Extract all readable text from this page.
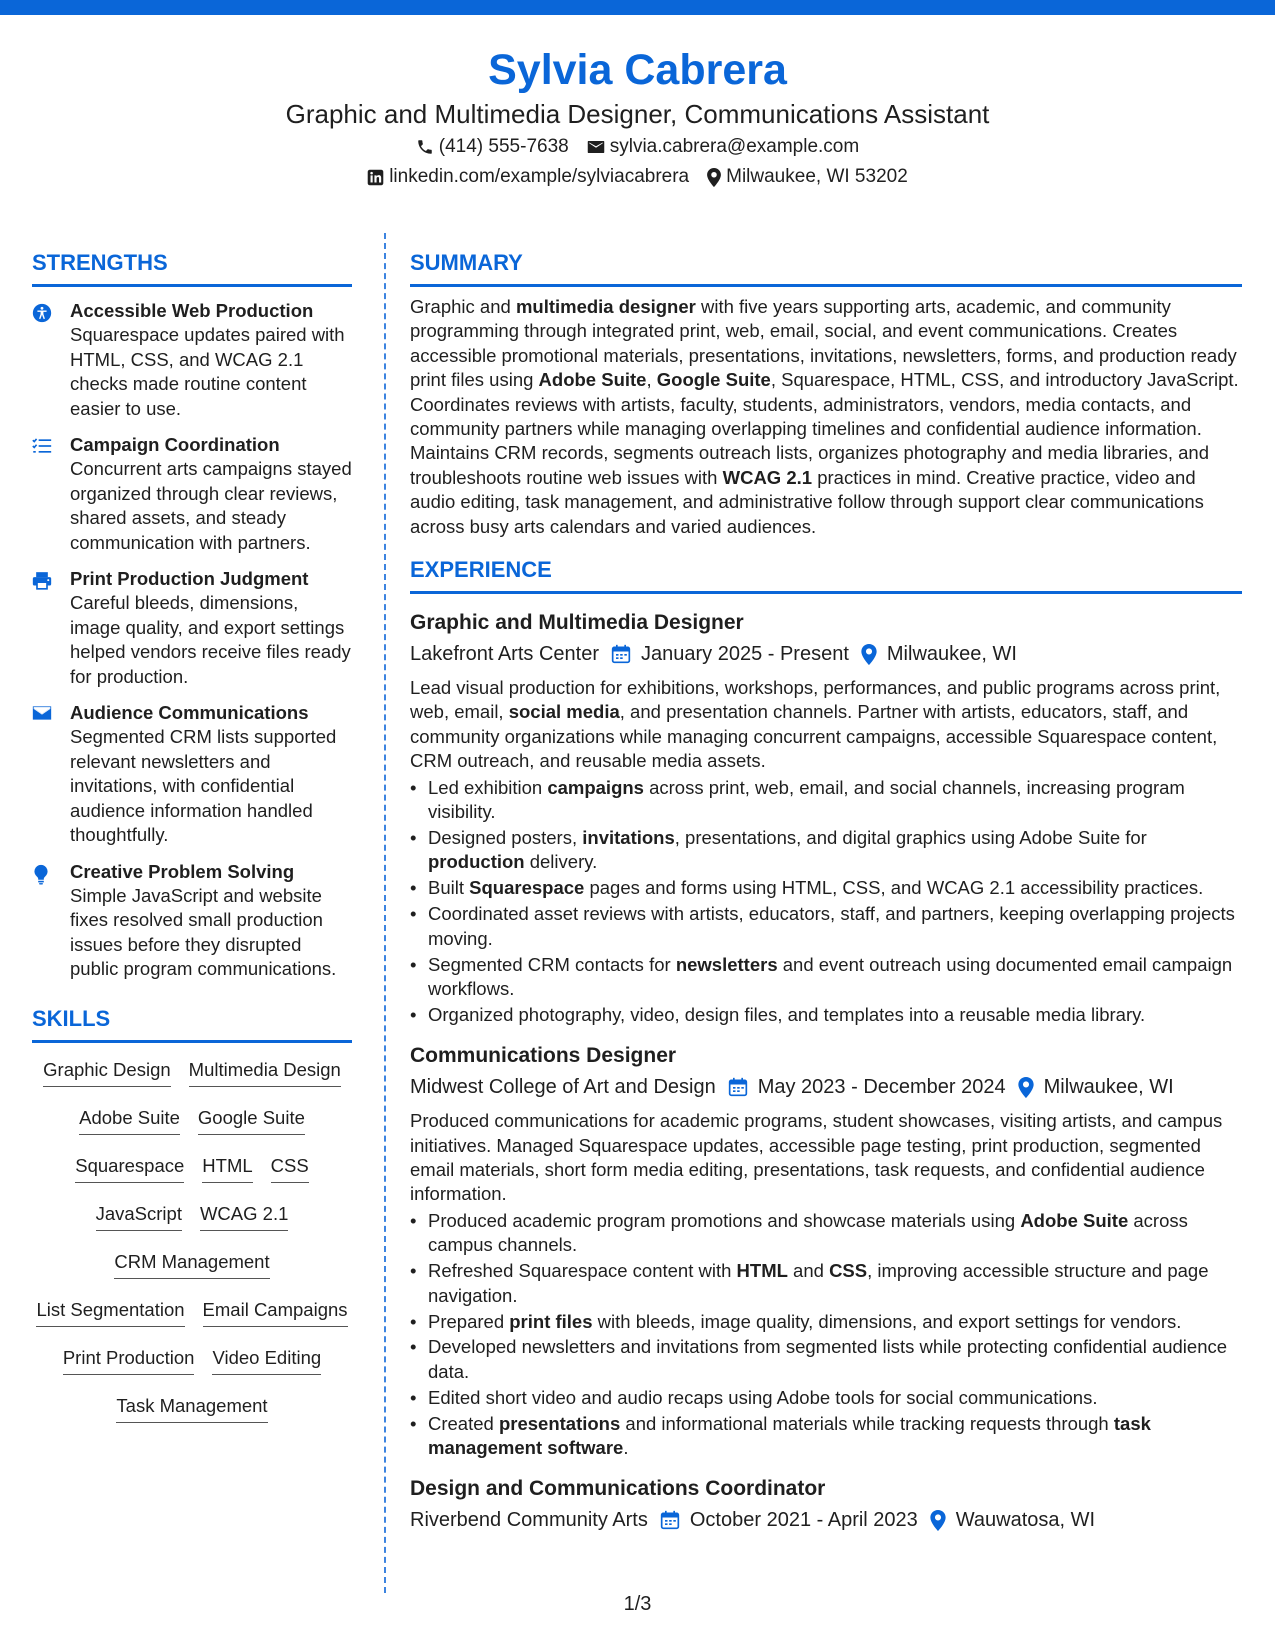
Sylvia Cabrera
Graphic and Multimedia Designer, Communications Assistant
(414) 555-7638 sylvia.cabrera@example.com
linkedin.com/example/sylviacabrera Milwaukee, WI 53202
STRENGTHS
Accessible Web Production
Squarespace updates paired with HTML, CSS, and WCAG 2.1 checks made routine content easier to use.
Campaign Coordination
Concurrent arts campaigns stayed organized through clear reviews, shared assets, and steady communication with partners.
Print Production Judgment
Careful bleeds, dimensions, image quality, and export settings helped vendors receive files ready for production.
Audience Communications
Segmented CRM lists supported relevant newsletters and invitations, with confidential audience information handled thoughtfully.
Creative Problem Solving
Simple JavaScript and website fixes resolved small production issues before they disrupted public program communications.
SKILLS
Graphic Design Multimedia Design
Adobe Suite Google Suite
Squarespace HTML CSS
JavaScript WCAG 2.1
CRM Management
List Segmentation Email Campaigns
Print Production Video Editing
Task Management
SUMMARY
Graphic and multimedia designer with five years supporting arts, academic, and community programming through integrated print, web, email, social, and event communications. Creates accessible promotional materials, presentations, invitations, newsletters, forms, and production ready print files using Adobe Suite, Google Suite, Squarespace, HTML, CSS, and introductory JavaScript. Coordinates reviews with artists, faculty, students, administrators, vendors, media contacts, and community partners while managing overlapping timelines and confidential audience information. Maintains CRM records, segments outreach lists, organizes photography and media libraries, and troubleshoots routine web issues with WCAG 2.1 practices in mind. Creative practice, video and audio editing, task management, and administrative follow through support clear communications across busy arts calendars and varied audiences.
EXPERIENCE
Graphic and Multimedia Designer
Lakefront Arts Center January 2025 - Present Milwaukee, WI
Lead visual production for exhibitions, workshops, performances, and public programs across print, web, email, social media, and presentation channels. Partner with artists, educators, staff, and community organizations while managing concurrent campaigns, accessible Squarespace content, CRM outreach, and reusable media assets.
• Led exhibition campaigns across print, web, email, and social channels, increasing program visibility.
• Designed posters, invitations, presentations, and digital graphics using Adobe Suite for production delivery.
• Built Squarespace pages and forms using HTML, CSS, and WCAG 2.1 accessibility practices.
• Coordinated asset reviews with artists, educators, staff, and partners, keeping overlapping projects moving.
• Segmented CRM contacts for newsletters and event outreach using documented email campaign workflows.
• Organized photography, video, design files, and templates into a reusable media library.
Communications Designer
Midwest College of Art and Design May 2023 - December 2024 Milwaukee, WI
Produced communications for academic programs, student showcases, visiting artists, and campus initiatives. Managed Squarespace updates, accessible page testing, print production, segmented email materials, short form media editing, presentations, task requests, and confidential audience information.
• Produced academic program promotions and showcase materials using Adobe Suite across campus channels.
• Refreshed Squarespace content with HTML and CSS, improving accessible structure and page navigation.
• Prepared print files with bleeds, image quality, dimensions, and export settings for vendors.
• Developed newsletters and invitations from segmented lists while protecting confidential audience data.
• Edited short video and audio recaps using Adobe tools for social communications.
• Created presentations and informational materials while tracking requests through task management software.
Design and Communications Coordinator
Riverbend Community Arts October 2021 - April 2023 Wauwatosa, WI
1/3
